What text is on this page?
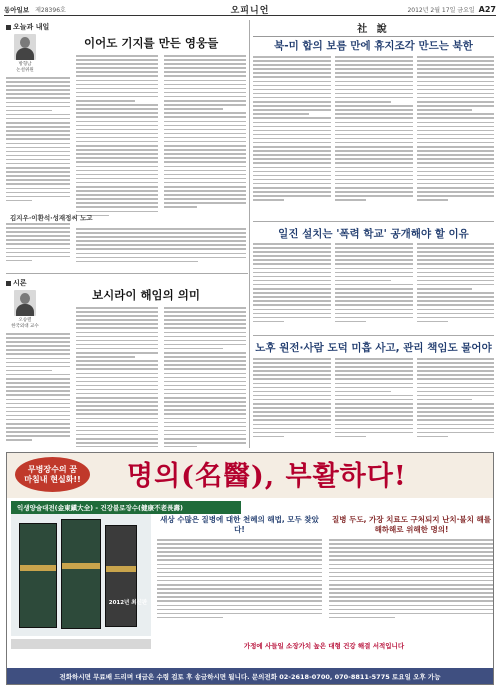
동아일보 제28396호	오피니언	2012년 2월 17일 금요일 A27
오늘과 내일
방형남
논설위원
이어도 기지를 만든 영웅들
김지우·이환석·성재정씨 노고
시론
오승렬
한국외대 교수
보시라이 해임의 의미
社 說
북-미 합의 보름 만에 휴지조각 만드는 북한
일진 설치는 '폭력 학교' 공개해야 할 이유
노후 원전·사람 도덕 미흡 사고, 관리 책임도 물어야
무병장수의 꿈
마침내 현실화!!	명의(名醫), 부활하다!
익생양술대전(金東鎭大全) - 건강불로장수(健康不老長壽)
2012년 최신판
새상 수많은 질병에 대한 천혜의 해법, 모두 찾았다!
질병 두도, 가장 치료도 구처되지 난치·불치 해를 해하해로 위해한 명의!
가정에 사들일 소장가치 높은 대형 건강 해결 서적입니다
전화하시면 무료배 드리며 대금은 수령 검토 후 송금하시면 됩니다. 문의전화 02-2618-0700, 070-8811-5775 토요일 오후 가능
